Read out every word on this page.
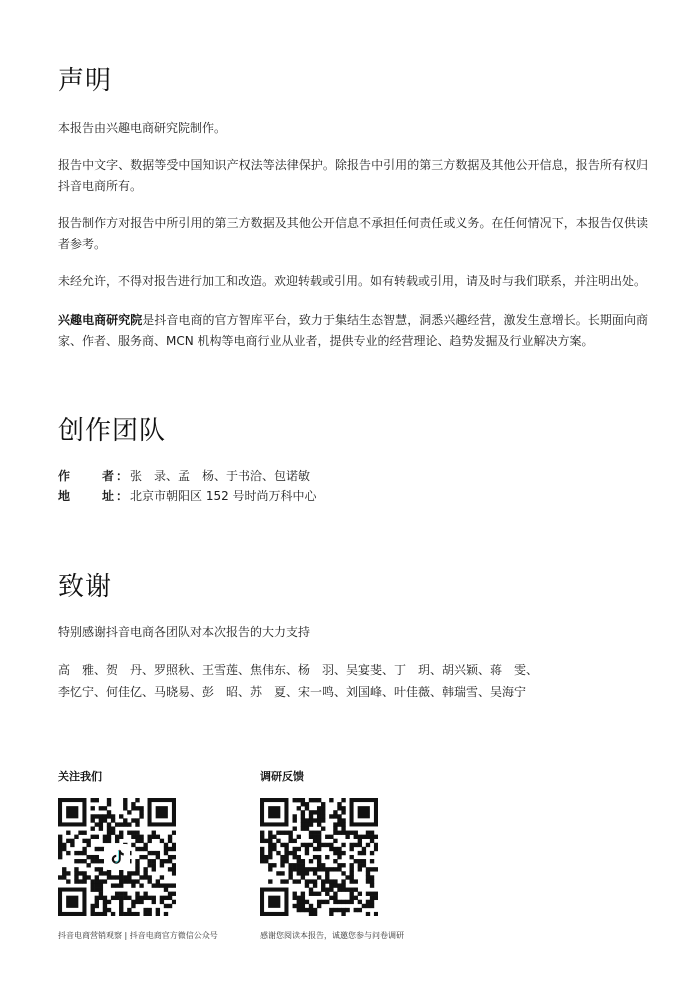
声明

本报告由兴趣电商研究院制作。

报告中文字、数据等受中国知识产权法等法律保护。除报告中引用的第三方数据及其他公开信息，报告所有权归抖音电商所有。

报告制作方对报告中所引用的第三方数据及其他公开信息不承担任何责任或义务。在任何情况下，本报告仅供读者参考。

未经允许，不得对报告进行加工和改造。欢迎转载或引用。如有转载或引用，请及时与我们联系，并注明出处。

兴趣电商研究院是抖音电商的官方智库平台，致力于集结生态智慧，洞悉兴趣经营，激发生意增长。长期面向商家、作者、服务商、MCN 机构等电商行业从业者，提供专业的经营理论、趋势发掘及行业解决方案。

创作团队
作者 ： 张　录、孟　杨、于书洽、包诺敏
地址 ： 北京市朝阳区 152 号时尚万科中心
致谢

特别感谢抖音电商各团队对本次报告的大力支持

高　雅、贺　丹、罗照秋、王雪莲、焦伟东、杨　羽、吴宴斐、丁　玥、胡兴颖、蒋　雯、
李忆宁、何佳亿、马晓易、彭　昭、苏　夏、宋一鸣、刘国峰、叶佳薇、韩瑞雪、吴海宁
关注我们
抖音电商营销观察 | 抖音电商官方微信公众号
调研反馈
感谢您阅读本报告，诚邀您参与问卷调研
